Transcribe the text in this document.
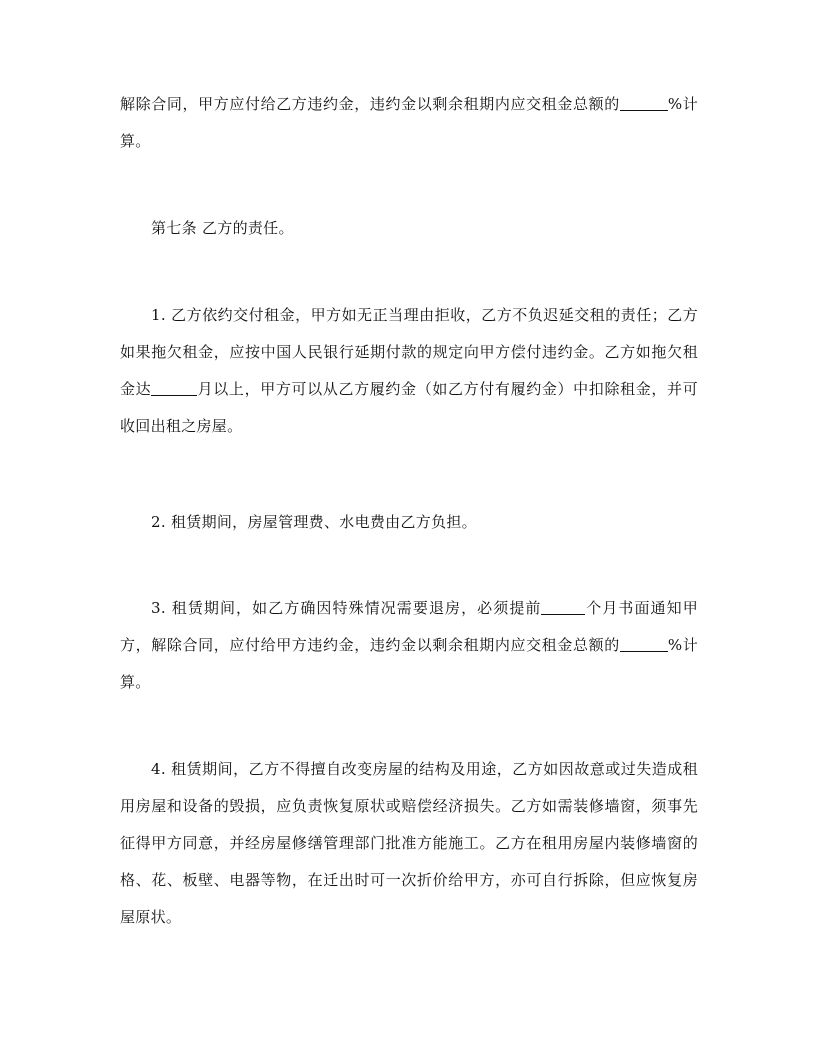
解除合同，甲方应付给乙方违约金，违约金以剩余租期内应交租金总额的	%计算。

第七条 乙方的责任。

1. 乙方依约交付租金，甲方如无正当理由拒收，乙方不负迟延交租的责任；乙方如果拖欠租金，应按中国人民银行延期付款的规定向甲方偿付违约金。乙方如拖欠租金达	月以上，甲方可以从乙方履约金（如乙方付有履约金）中扣除租金，并可收回出租之房屋。

2. 租赁期间，房屋管理费、水电费由乙方负担。

3. 租赁期间，如乙方确因特殊情况需要退房，必须提前	个月书面通知甲方，解除合同，应付给甲方违约金，违约金以剩余租期内应交租金总额的	%计算。

4. 租赁期间，乙方不得擅自改变房屋的结构及用途，乙方如因故意或过失造成租用房屋和设备的毁损，应负责恢复原状或赔偿经济损失。乙方如需装修墙窗，须事先征得甲方同意，并经房屋修缮管理部门批准方能施工。乙方在租用房屋内装修墙窗的格、花、板壁、电器等物，在迁出时可一次折价给甲方，亦可自行拆除，但应恢复房屋原状。
